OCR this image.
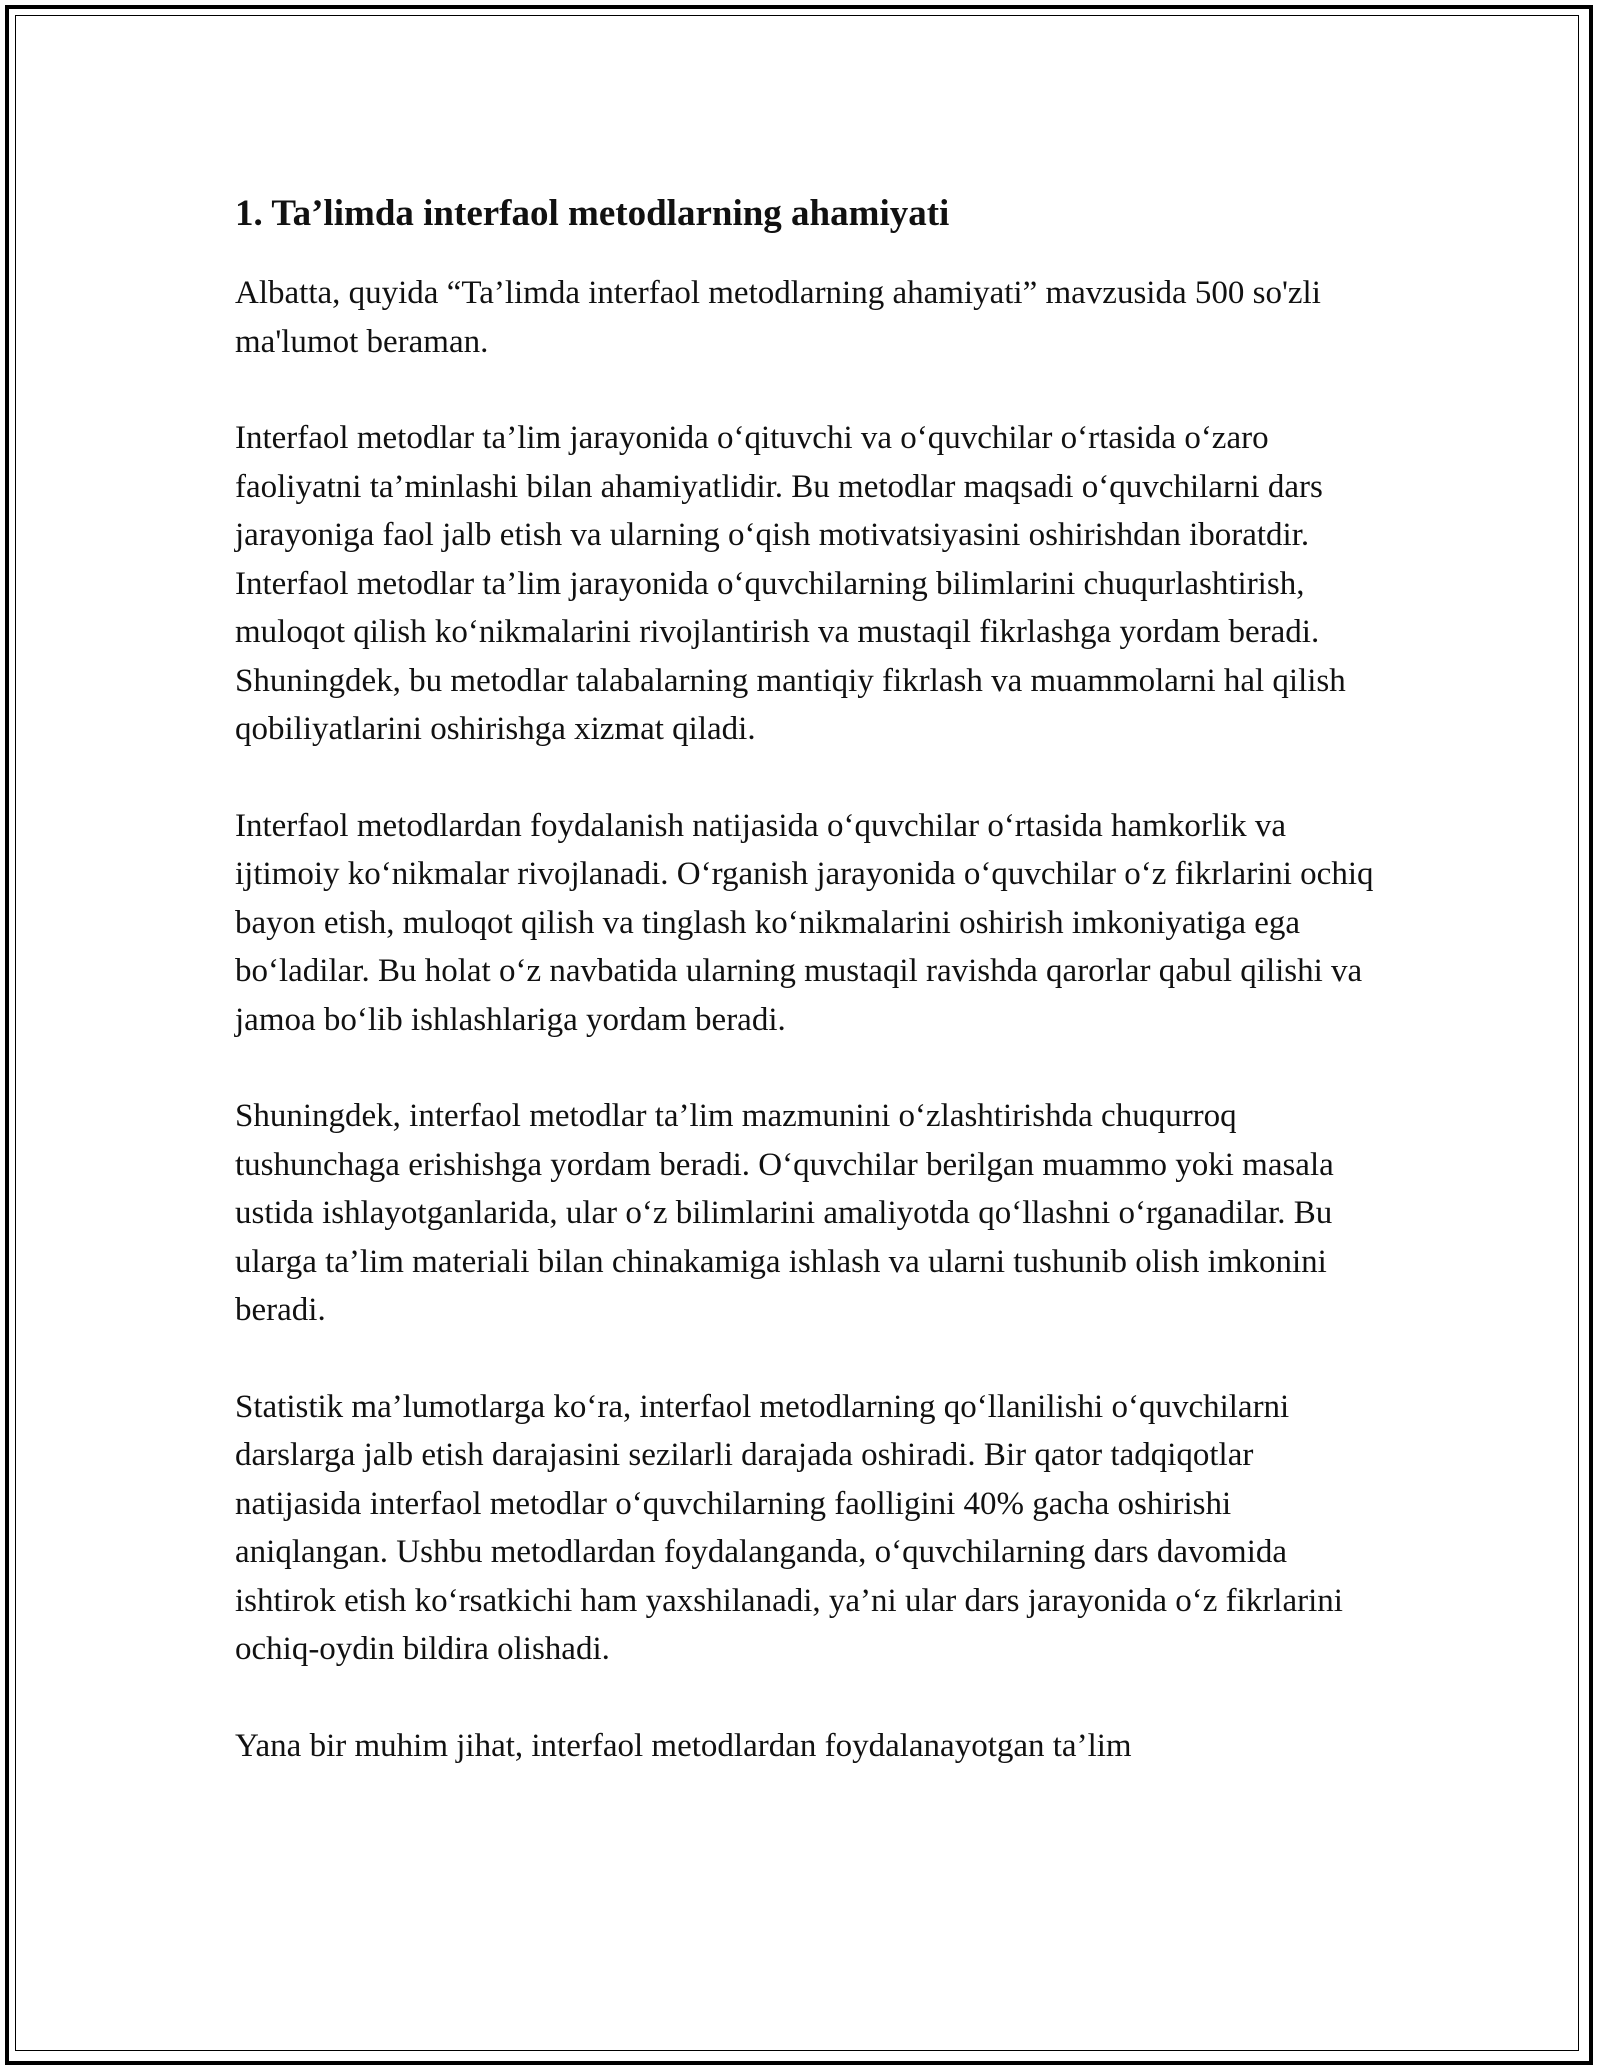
1. Ta’limda interfaol metodlarning ahamiyati

Albatta, quyida “Ta’limda interfaol metodlarning ahamiyati” mavzusida 500 so'zli ma'lumot beraman.

Interfaol metodlar ta’lim jarayonida o‘qituvchi va o‘quvchilar o‘rtasida o‘zaro faoliyatni ta’minlashi bilan ahamiyatlidir. Bu metodlar maqsadi o‘quvchilarni dars jarayoniga faol jalb etish va ularning o‘qish motivatsiyasini oshirishdan iboratdir. Interfaol metodlar ta’lim jarayonida o‘quvchilarning bilimlarini chuqurlashtirish, muloqot qilish ko‘nikmalarini rivojlantirish va mustaqil fikrlashga yordam beradi. Shuningdek, bu metodlar talabalarning mantiqiy fikrlash va muammolarni hal qilish qobiliyatlarini oshirishga xizmat qiladi.

Interfaol metodlardan foydalanish natijasida o‘quvchilar o‘rtasida hamkorlik va ijtimoiy ko‘nikmalar rivojlanadi. O‘rganish jarayonida o‘quvchilar o‘z fikrlarini ochiq bayon etish, muloqot qilish va tinglash ko‘nikmalarini oshirish imkoniyatiga ega bo‘ladilar. Bu holat o‘z navbatida ularning mustaqil ravishda qarorlar qabul qilishi va jamoa bo‘lib ishlashlariga yordam beradi.

Shuningdek, interfaol metodlar ta’lim mazmunini o‘zlashtirishda chuqurroq tushunchaga erishishga yordam beradi. O‘quvchilar berilgan muammo yoki masala ustida ishlayotganlarida, ular o‘z bilimlarini amaliyotda qo‘llashni o‘rganadilar. Bu ularga ta’lim materiali bilan chinakamiga ishlash va ularni tushunib olish imkonini beradi.

Statistik ma’lumotlarga ko‘ra, interfaol metodlarning qo‘llanilishi o‘quvchilarni darslarga jalb etish darajasini sezilarli darajada oshiradi. Bir qator tadqiqotlar natijasida interfaol metodlar o‘quvchilarning faolligini 40% gacha oshirishi aniqlangan. Ushbu metodlardan foydalanganda, o‘quvchilarning dars davomida ishtirok etish ko‘rsatkichi ham yaxshilanadi, ya’ni ular dars jarayonida o‘z fikrlarini ochiq-oydin bildira olishadi.

Yana bir muhim jihat, interfaol metodlardan foydalanayotgan ta’lim
